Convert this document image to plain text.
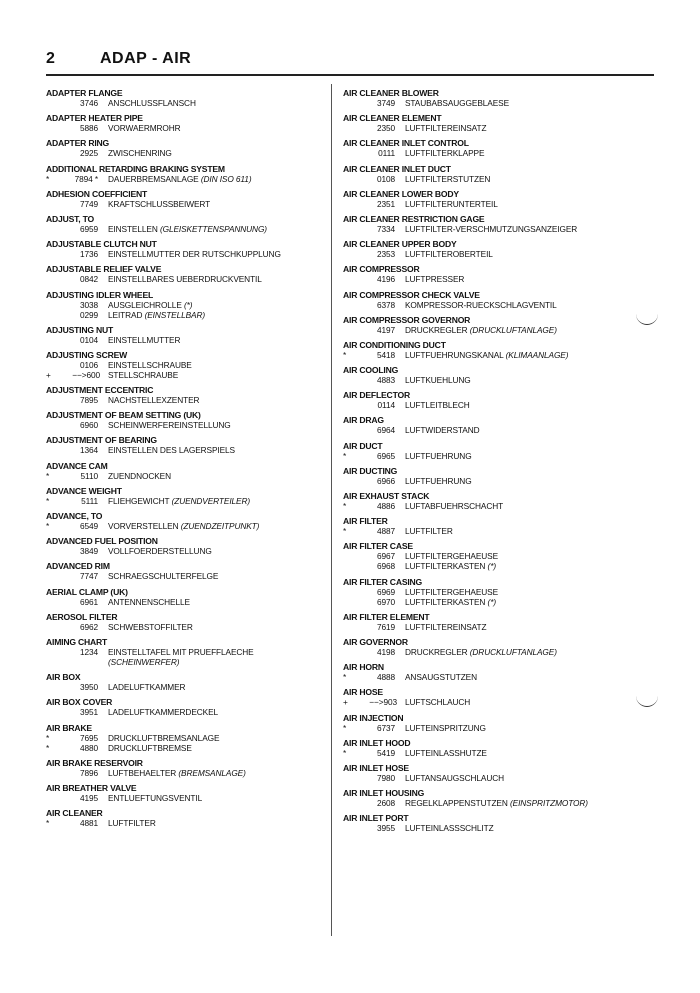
2	ADAP - AIR
ADAPTER FLANGE
3746 ANSCHLUSSFLANSCH
ADAPTER HEATER PIPE
5886 VORWAERMROHR
ADAPTER RING
2925 ZWISCHENRING
ADDITIONAL RETARDING BRAKING SYSTEM
*	7894 * DAUERBREMSANLAGE (DIN ISO 611)
ADHESION COEFFICIENT
7749 KRAFTSCHLUSSBEIWERT
ADJUST, TO
6959 EINSTELLEN (GLEISKETTENSPANNUNG)
ADJUSTABLE CLUTCH NUT
1736 EINSTELLMUTTER DER RUTSCHKUPPLUNG
ADJUSTABLE RELIEF VALVE
0842 EINSTELLBARES UEBERDRUCKVENTIL
ADJUSTING IDLER WHEEL
3038 AUSGLEICHROLLE (*)
0299 LEITRAD (EINSTELLBAR)
ADJUSTING NUT
0104 EINSTELLMUTTER
ADJUSTING SCREW
0106 EINSTELLSCHRAUBE
+	−−>600 STELLSCHRAUBE
ADJUSTMENT ECCENTRIC
7895 NACHSTELLEXZENTER
ADJUSTMENT OF BEAM SETTING (UK)
6960 SCHEINWERFEREINSTELLUNG
ADJUSTMENT OF BEARING
1364 EINSTELLEN DES LAGERSPIELS
ADVANCE CAM
*	5110 ZUENDNOCKEN
ADVANCE WEIGHT
*	5111 FLIEHGEWICHT (ZUENDVERTEILER)
ADVANCE, TO
*	6549 VORVERSTELLEN (ZUENDZEITPUNKT)
ADVANCED FUEL POSITION
3849 VOLLFOERDERSTELLUNG
ADVANCED RIM
7747 SCHRAEGSCHULTERFELGE
AERIAL CLAMP (UK)
6961 ANTENNENSCHELLE
AEROSOL FILTER
6962 SCHWEBSTOFFILTER
AIMING CHART
1234 EINSTELLTAFEL MIT PRUEFFLAECHE
(SCHEINWERFER)
AIR BOX
3950 LADELUFTKAMMER
AIR BOX COVER
3951 LADELUFTKAMMERDECKEL
AIR BRAKE
*	7695 DRUCKLUFTBREMSANLAGE
*	4880 DRUCKLUFTBREMSE
AIR BRAKE RESERVOIR
7896 LUFTBEHAELTER (BREMSANLAGE)
AIR BREATHER VALVE
4195 ENTLUEFTUNGSVENTIL
AIR CLEANER
*	4881 LUFTFILTER
AIR CLEANER BLOWER
3749 STAUBABSAUGGEBLAESE
AIR CLEANER ELEMENT
2350 LUFTFILTEREINSATZ
AIR CLEANER INLET CONTROL
0111 LUFTFILTERKLAPPE
AIR CLEANER INLET DUCT
0108 LUFTFILTERSTUTZEN
AIR CLEANER LOWER BODY
2351 LUFTFILTERUNTERTEIL
AIR CLEANER RESTRICTION GAGE
7334 LUFTFILTER-VERSCHMUTZUNGSANZEIGER
AIR CLEANER UPPER BODY
2353 LUFTFILTEROBERTEIL
AIR COMPRESSOR
4196 LUFTPRESSER
AIR COMPRESSOR CHECK VALVE
6378 KOMPRESSOR-RUECKSCHLAGVENTIL
AIR COMPRESSOR GOVERNOR
4197 DRUCKREGLER (DRUCKLUFTANLAGE)
AIR CONDITIONING DUCT
*	5418 LUFTFUEHRUNGSKANAL (KLIMAANLAGE)
AIR COOLING
4883 LUFTKUEHLUNG
AIR DEFLECTOR
0114 LUFTLEITBLECH
AIR DRAG
6964 LUFTWIDERSTAND
AIR DUCT
*	6965 LUFTFUEHRUNG
AIR DUCTING
6966 LUFTFUEHRUNG
AIR EXHAUST STACK
*	4886 LUFTABFUEHRSCHACHT
AIR FILTER
*	4887 LUFTFILTER
AIR FILTER CASE
6967 LUFTFILTERGEHAEUSE
6968 LUFTFILTERKASTEN (*)
AIR FILTER CASING
6969 LUFTFILTERGEHAEUSE
6970 LUFTFILTERKASTEN (*)
AIR FILTER ELEMENT
7619 LUFTFILTEREINSATZ
AIR GOVERNOR
4198 DRUCKREGLER (DRUCKLUFTANLAGE)
AIR HORN
*	4888 ANSAUGSTUTZEN
AIR HOSE
+	−−>903 LUFTSCHLAUCH
AIR INJECTION
*	6737 LUFTEINSPRITZUNG
AIR INLET HOOD
*	5419 LUFTEINLASSHUTZE
AIR INLET HOSE
7980 LUFTANSAUGSCHLAUCH
AIR INLET HOUSING
2608 REGELKLAPPENSTUTZEN (EINSPRITZMOTOR)
AIR INLET PORT
3955 LUFTEINLASSSCHLITZ
